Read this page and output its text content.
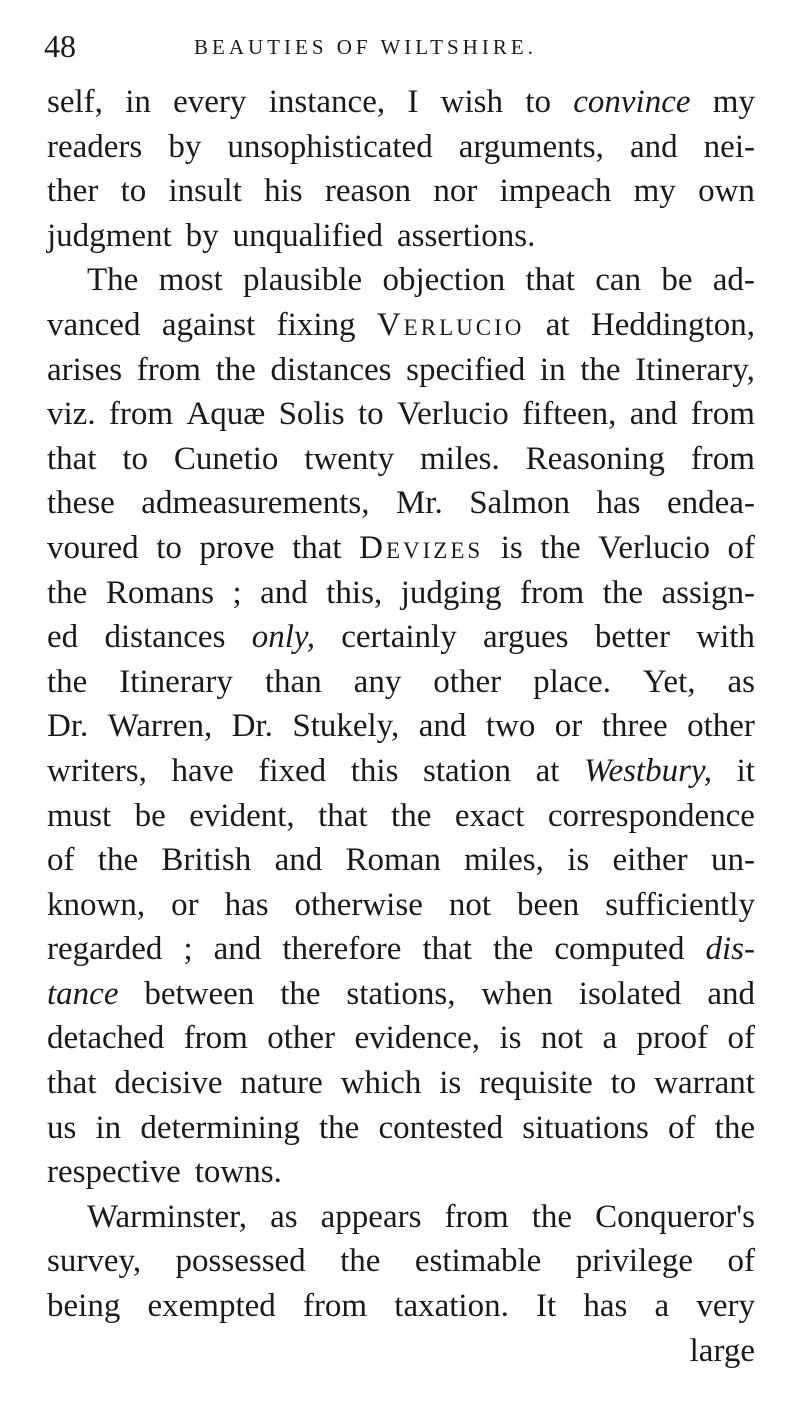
48	BEAUTIES OF WILTSHIRE.
self, in every instance, I wish to convince my
readers by unsophisticated arguments, and nei-
ther to insult his reason nor impeach my own
judgment by unqualified assertions.
The most plausible objection that can be ad-
vanced against fixing Verlucio at Heddington,
arises from the distances specified in the Itinerary,
viz. from Aquæ Solis to Verlucio fifteen, and from
that to Cunetio twenty miles. Reasoning from
these admeasurements, Mr. Salmon has endea-
voured to prove that Devizes is the Verlucio of
the Romans ; and this, judging from the assign-
ed distances only, certainly argues better with
the Itinerary than any other place. Yet, as
Dr. Warren, Dr. Stukely, and two or three other
writers, have fixed this station at Westbury, it
must be evident, that the exact correspondence
of the British and Roman miles, is either un-
known, or has otherwise not been sufficiently
regarded ; and therefore that the computed dis-
tance between the stations, when isolated and
detached from other evidence, is not a proof of
that decisive nature which is requisite to warrant
us in determining the contested situations of the
respective towns.
Warminster, as appears from the Conqueror's
survey, possessed the estimable privilege of
being exempted from taxation. It has a very
large
